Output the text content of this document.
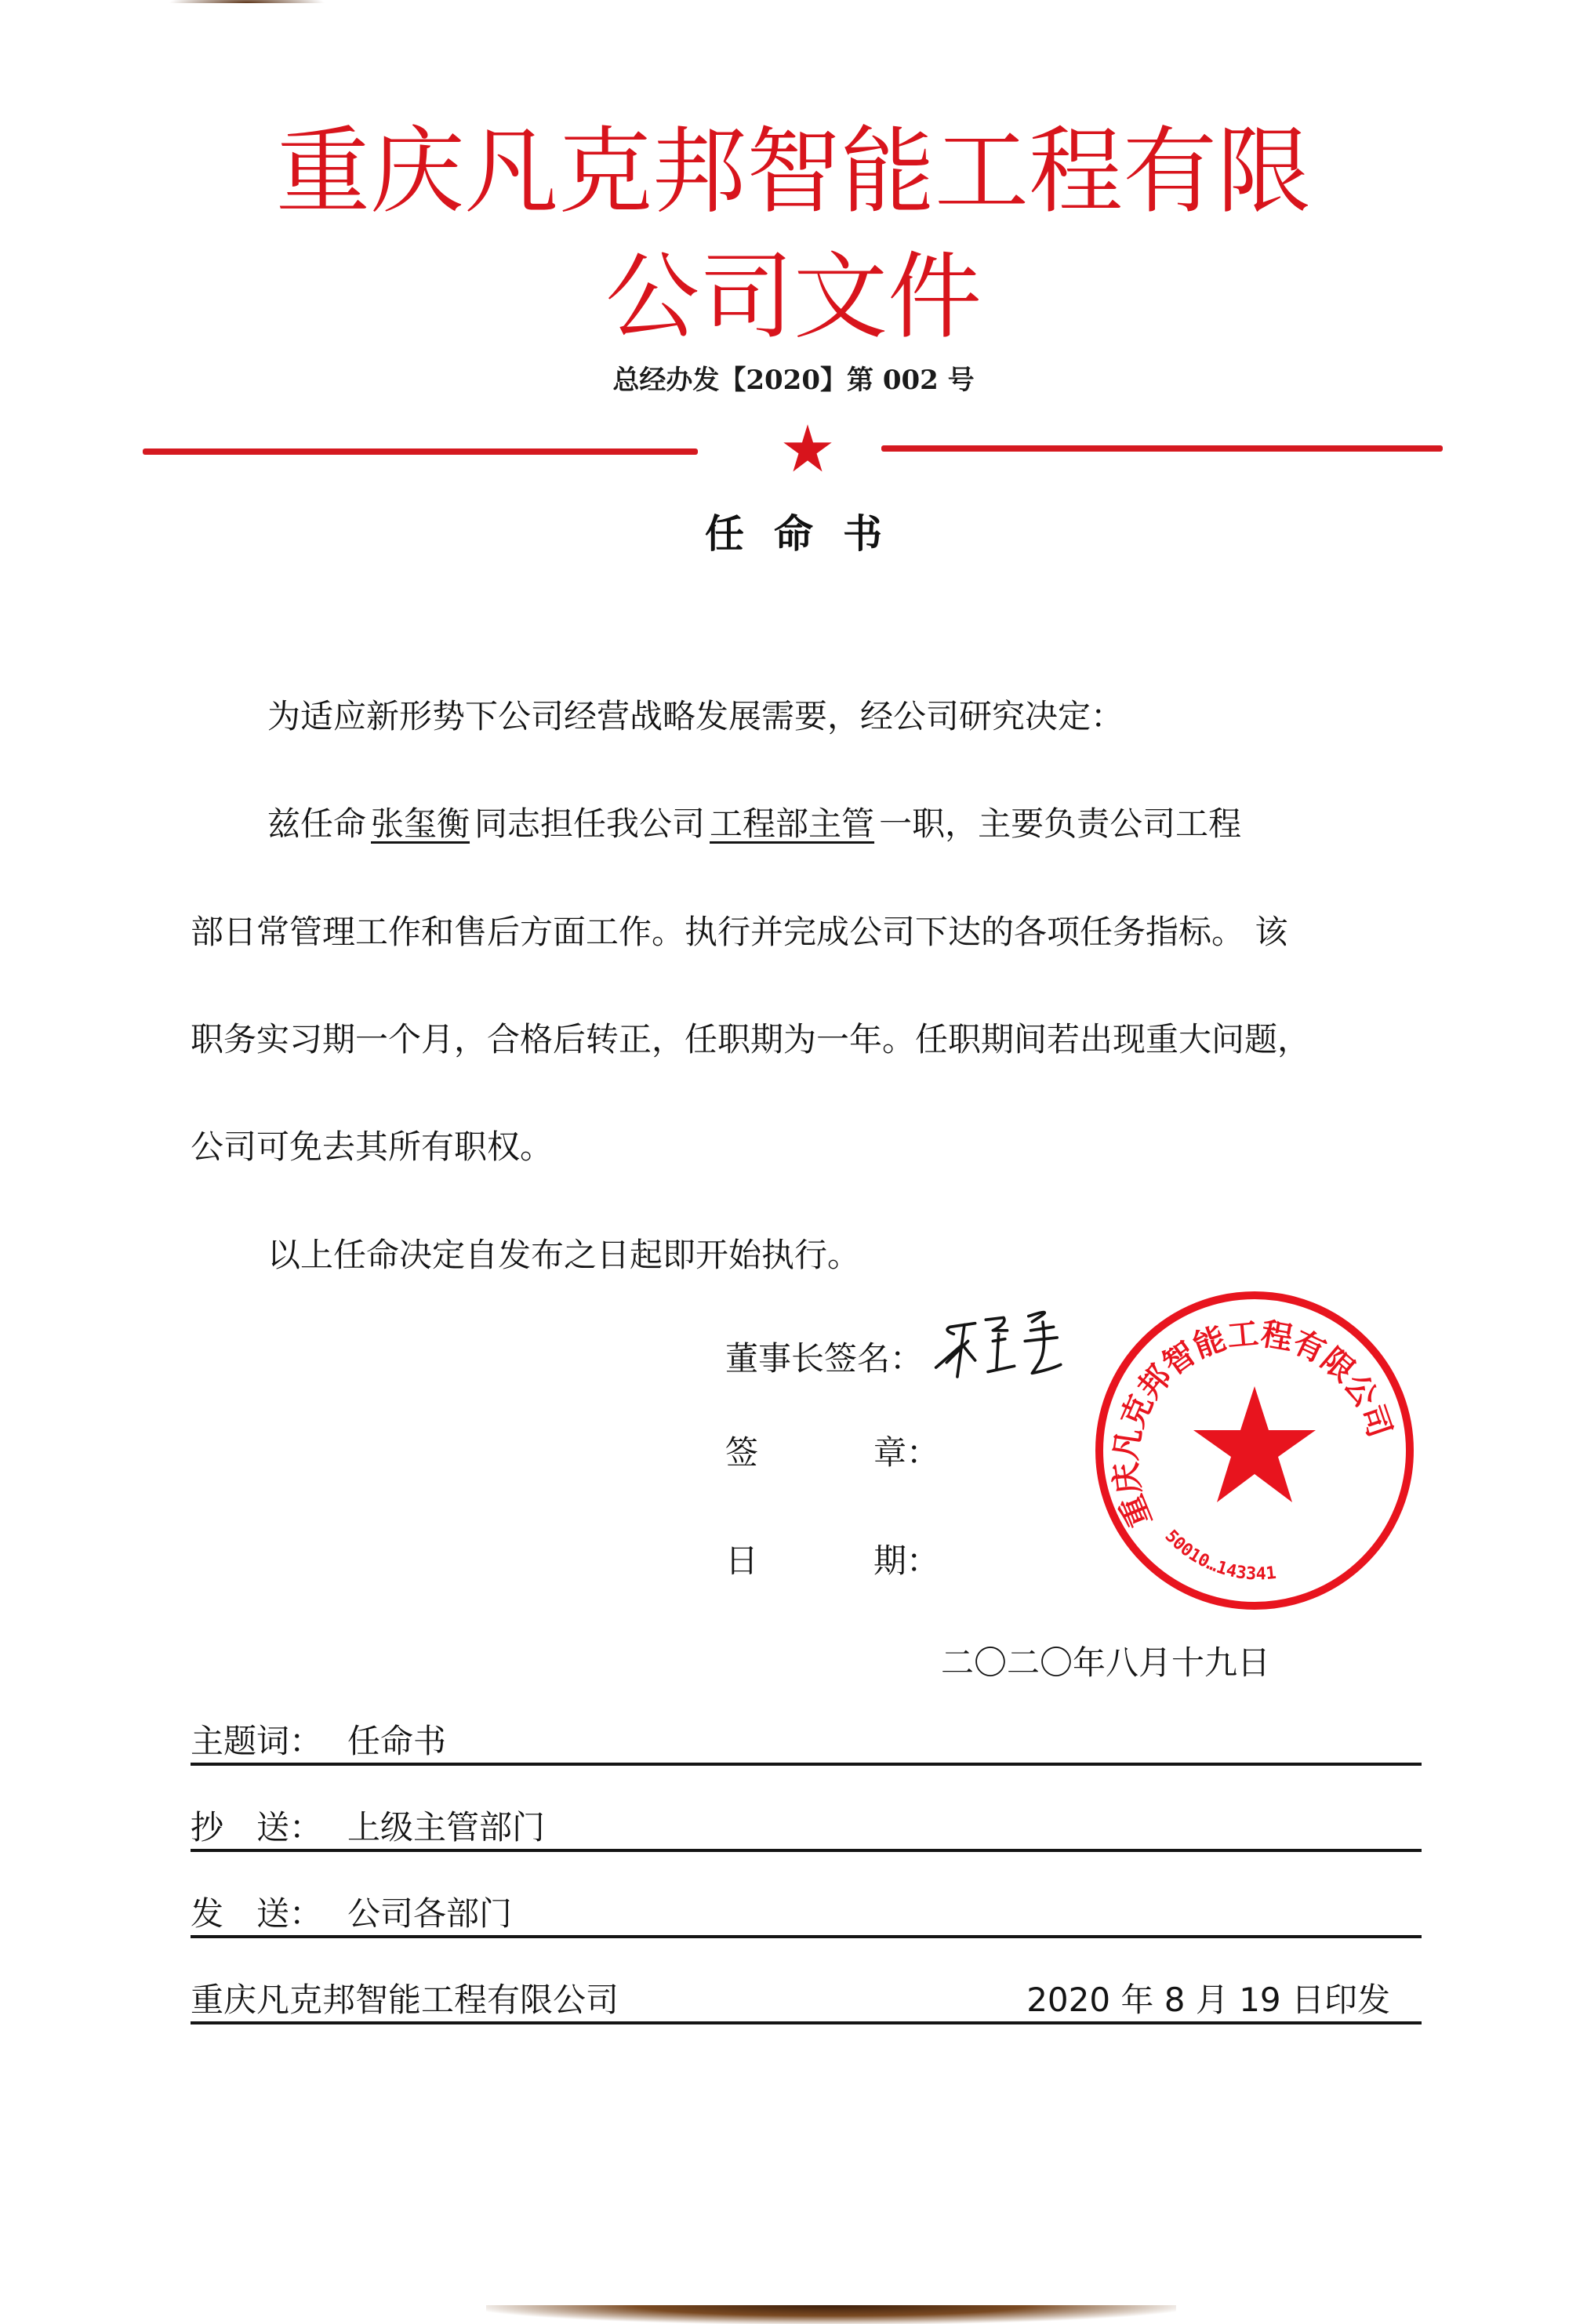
重庆凡克邦智能工程有限
公司文件
总经办发【2020】第 002 号
任命书
为适应新形势下公司经营战略发展需要，经公司研究决定：
兹任命 张玺衡 同志担任我公司 工程部主管 一职，主要负责公司工程
部日常管理工作和售后方面工作。执行并完成公司下达的各项任务指标。 该
职务实习期一个月，合格后转正，任职期为一年。任职期间若出现重大问题，
公司可免去其所有职权。
以上任命决定自发布之日起即开始执行。
董事长签名：
签	章：
日	期：
二〇二〇年八月十九日
重庆凡克邦智能工程有限公司
50010…143341
主题词： 任命书
抄　送： 上级主管部门
发　送： 公司各部门
重庆凡克邦智能工程有限公司	2020 年 8 月 19 日印发
